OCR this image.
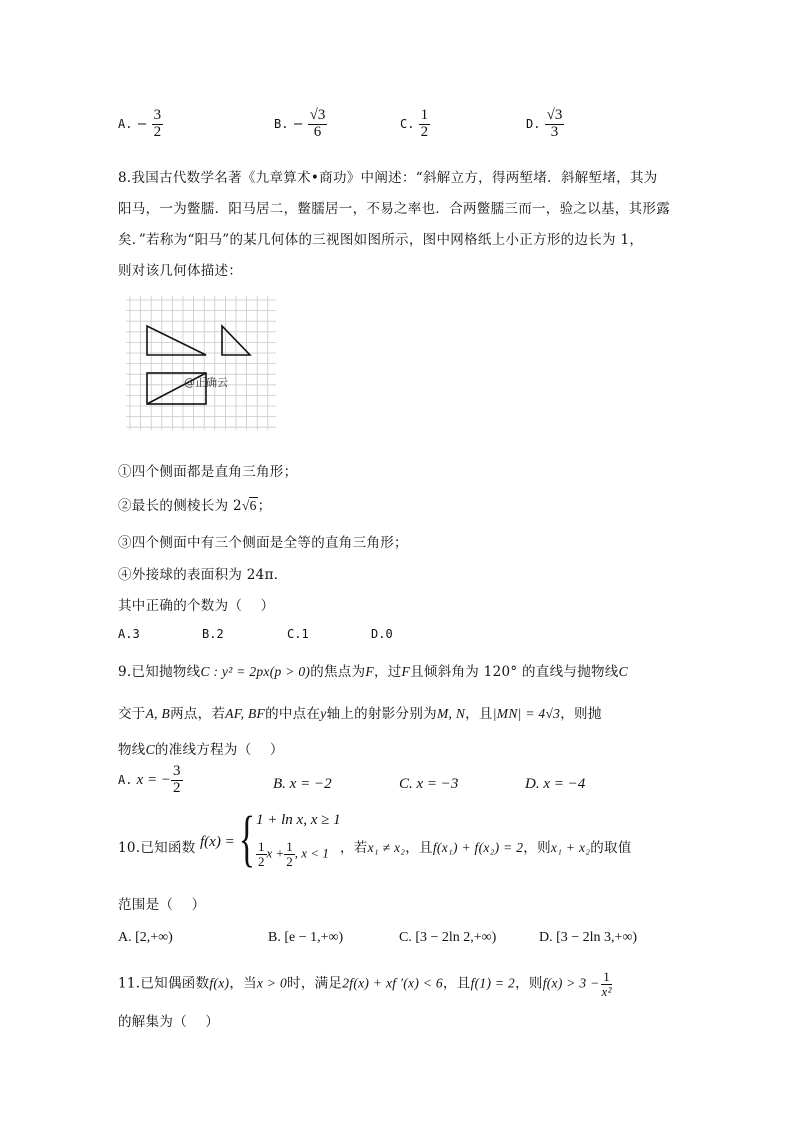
A. − $\frac{3}{2}$	B. − $\frac{√3}{6}$	C. $\frac{1}{2}$	D. $\frac{√3}{3}$
8.我国古代数学名著《九章算术•商功》中阐述：“斜解立方，得两堑堵．斜解堑堵，其为
阳马，一为鳖臑．阳马居二，鳖臑居一，不易之率也．合两鳖臑三而一，验之以基，其形露
矣．”若称为“阳马”的某几何体的三视图如图所示，图中网格纸上小正方形的边长为 1，
则对该几何体描述：
@正确云
①四个侧面都是直角三角形；
②最长的侧棱长为 2√6；
③四个侧面中有三个侧面是全等的直角三角形；
④外接球的表面积为 24π．
其中正确的个数为（　 ）
A.3	B.2	C.1	D.0
9.已知抛物线C : y² = 2px(p > 0)的焦点为F，过F且倾斜角为 120° 的直线与抛物线C
交于A, B两点，若AF, BF的中点在y轴上的射影分别为M, N，且|MN| = 4√3，则抛
物线C的准线方程为（　 ）
A. x = − $\frac{3}{2}$	B. x = −2	C. x = −3	D. x = −4
10.已知函数 f(x) = { 1 + ln x, x ≥ 1
$\frac{1}{2}$ $x + \frac{1}{2}$ , x < 1 ，若x₁ ≠ x₂，且f(x₁) + f(x₂) = 2，则x₁ + x₂的取值
范围是（　 ）
A. [2,+∞)	B. [e − 1,+∞)	C. [3 − 2ln 2,+∞)	D. [3 − 2ln 3,+∞)
11.已知偶函数f(x)，当x > 0时，满足2f(x) + xf ′(x) < 6，且f(1) = 2，则$f(x) > 3 - \frac{1}{\text{x²}}$
的解集为（　 ）
